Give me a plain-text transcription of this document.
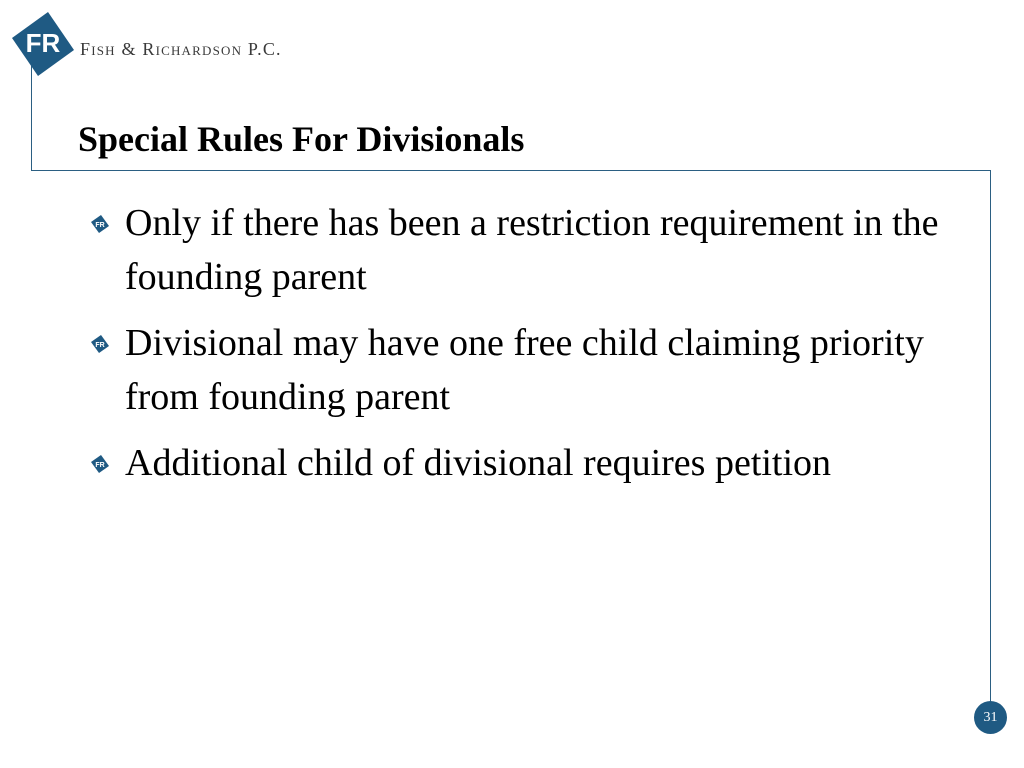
FR Fish & Richardson P.C.
Special Rules For Divisionals
FR Only if there has been a restriction requirement in the founding parent
FR Divisional may have one free child claiming priority from founding parent
FR Additional child of divisional requires petition
31
